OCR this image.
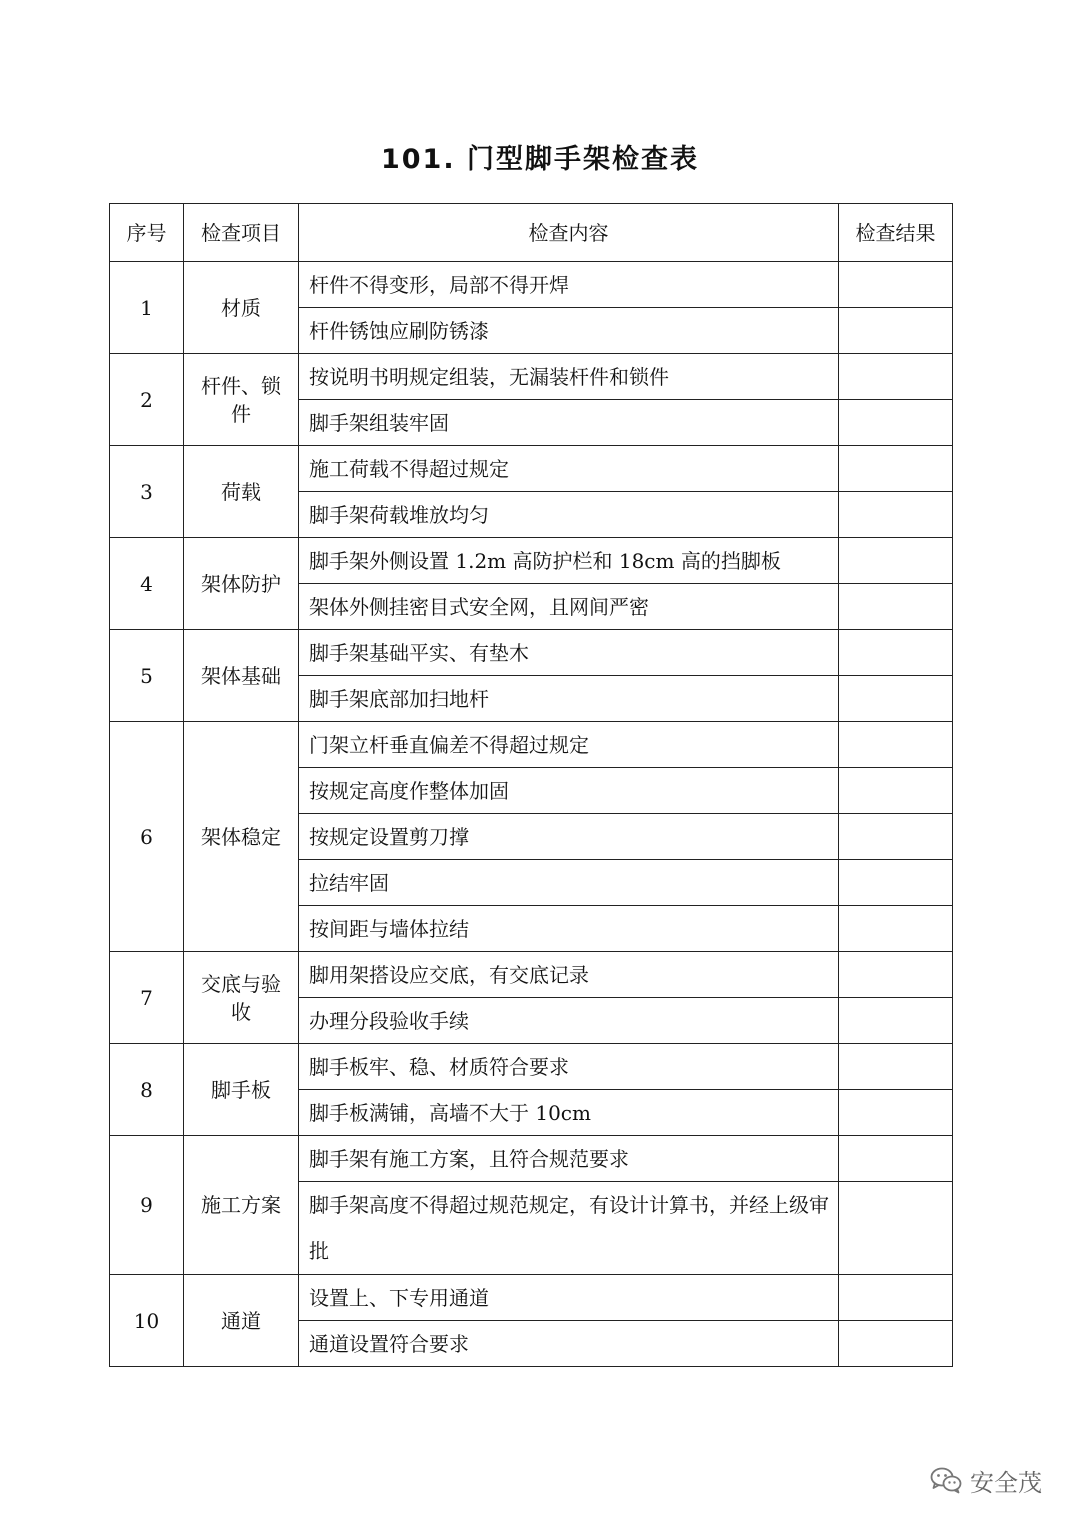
101. 门型脚手架检查表
序号	检查项目	检查内容	检查结果
1	材质	杆件不得变形，局部不得开焊	
		杆件锈蚀应刷防锈漆	
2	杆件、锁件	按说明书明规定组装，无漏装杆件和锁件	
		脚手架组装牢固	
3	荷载	施工荷载不得超过规定	
		脚手架荷载堆放均匀	
4	架体防护	脚手架外侧设置 1.2m 高防护栏和 18cm 高的挡脚板	
		架体外侧挂密目式安全网，且网间严密	
5	架体基础	脚手架基础平实、有垫木	
		脚手架底部加扫地杆	
6	架体稳定	门架立杆垂直偏差不得超过规定	
		按规定高度作整体加固	
		按规定设置剪刀撑	
		拉结牢固	
		按间距与墙体拉结	
7	交底与验收	脚用架搭设应交底，有交底记录	
		办理分段验收手续	
8	脚手板	脚手板牢、稳、材质符合要求	
		脚手板满铺，高墙不大于 10cm	
9	施工方案	脚手架有施工方案，且符合规范要求	
		脚手架高度不得超过规范规定，有设计计算书，并经上级审批	
10	通道	设置上、下专用通道	
		通道设置符合要求	
安全茂
